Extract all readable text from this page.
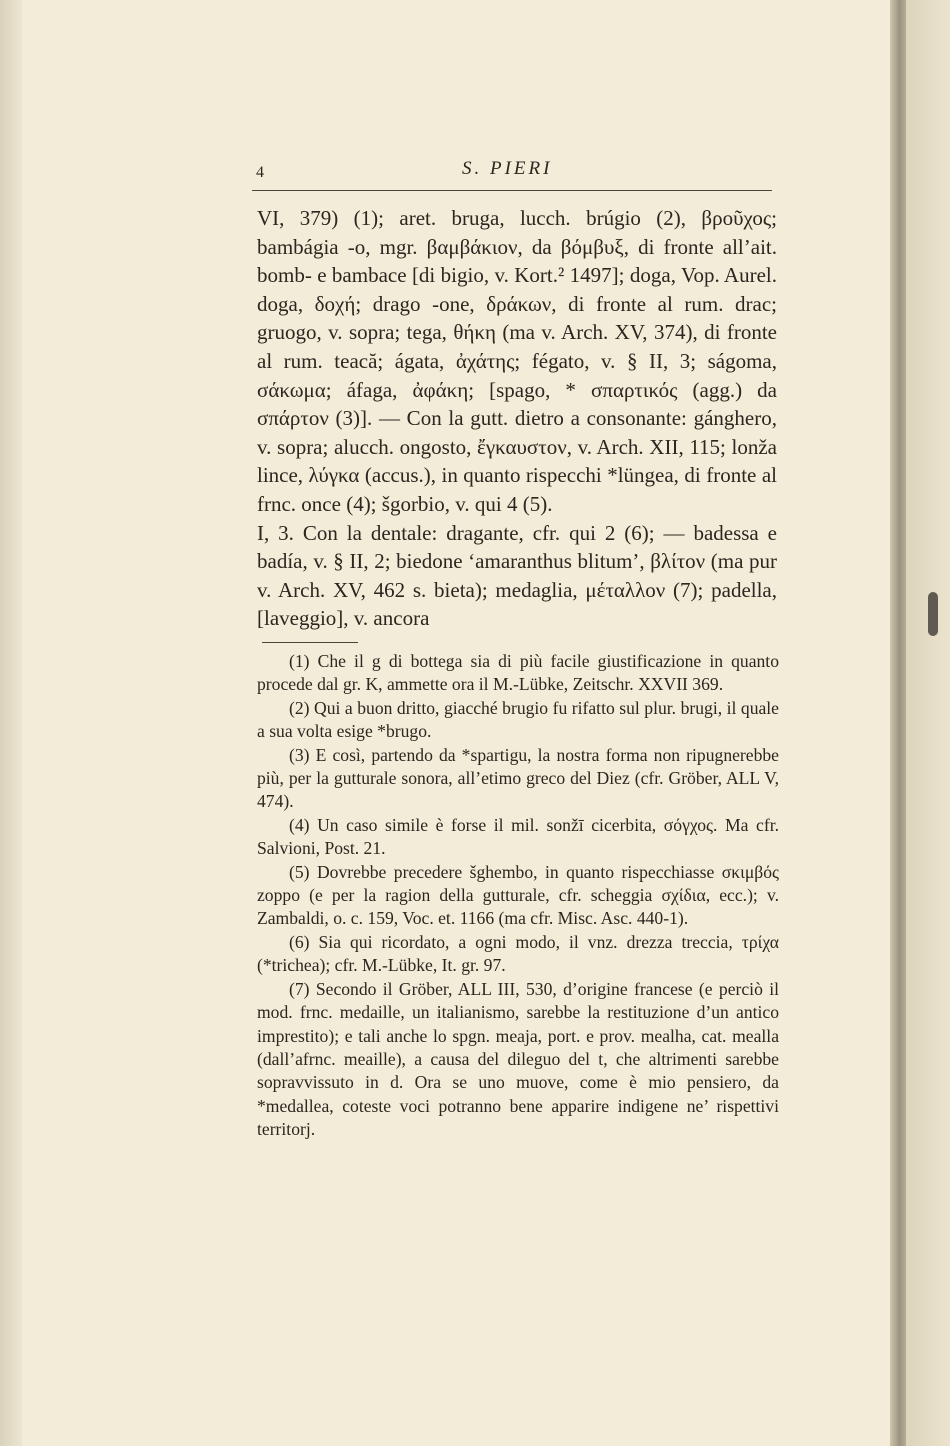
4	S. PIERI

VI, 379) (1); aret. bruga, lucch. brúgio (2), βροῦχος; bambágia -o, mgr. βαμβάκιον, da βόμβυξ, di fronte all’ait. bomb- e bambace [di bigio, v. Kort.² 1497]; doga, Vop. Aurel. doga, δοχή; drago -one, δράκων, di fronte al rum. drac; gruogo, v. sopra; tega, θήκη (ma v. Arch. XV, 374), di fronte al rum. teacă; ágata, ἀχάτης; fégato, v. § II, 3; ságoma, σάκωμα; áfaga, ἀφάκη; [spago, * σπαρτικός (agg.) da σπάρτον (3)]. — Con la gutt. dietro a consonante: gánghero, v. sopra; alucch. ongosto, ἔγκαυστον, v. Arch. XII, 115; lonža lince, λύγκα (accus.), in quanto rispecchi *lüngea, di fronte al frnc. once (4); šgorbio, v. qui 4 (5).

I, 3. Con la dentale: dragante, cfr. qui 2 (6); — badessa e badía, v. § II, 2; biedone ‘amaranthus blitum’, βλίτον (ma pur v. Arch. XV, 462 s. bieta); medaglia, μέταλλον (7); padella, [laveggio], v. ancora

(1) Che il g di bottega sia di più facile giustificazione in quanto procede dal gr. K, ammette ora il M.-Lübke, Zeitschr. XXVII 369.

(2) Qui a buon dritto, giacché brugio fu rifatto sul plur. brugi, il quale a sua volta esige *brugo.

(3) E così, partendo da *spartigu, la nostra forma non ripugnerebbe più, per la gutturale sonora, all’etimo greco del Diez (cfr. Gröber, ALL V, 474).

(4) Un caso simile è forse il mil. sonžī cicerbita, σόγχος. Ma cfr. Salvioni, Post. 21.

(5) Dovrebbe precedere šghembo, in quanto rispecchiasse σκιμβός zoppo (e per la ragion della gutturale, cfr. scheggia σχίδια, ecc.); v. Zambaldi, o. c. 159, Voc. et. 1166 (ma cfr. Misc. Asc. 440-1).

(6) Sia qui ricordato, a ogni modo, il vnz. drezza treccia, τρίχα (*trichea); cfr. M.-Lübke, It. gr. 97.

(7) Secondo il Gröber, ALL III, 530, d’origine francese (e perciò il mod. frnc. medaille, un italianismo, sarebbe la restituzione d’un antico imprestito); e tali anche lo spgn. meaja, port. e prov. mealha, cat. mealla (dall’afrnc. meaille), a causa del dileguo del t, che altrimenti sarebbe sopravvissuto in d. Ora se uno muove, come è mio pensiero, da *medallea, coteste voci potranno bene apparire indigene ne’ rispettivi territorj.
